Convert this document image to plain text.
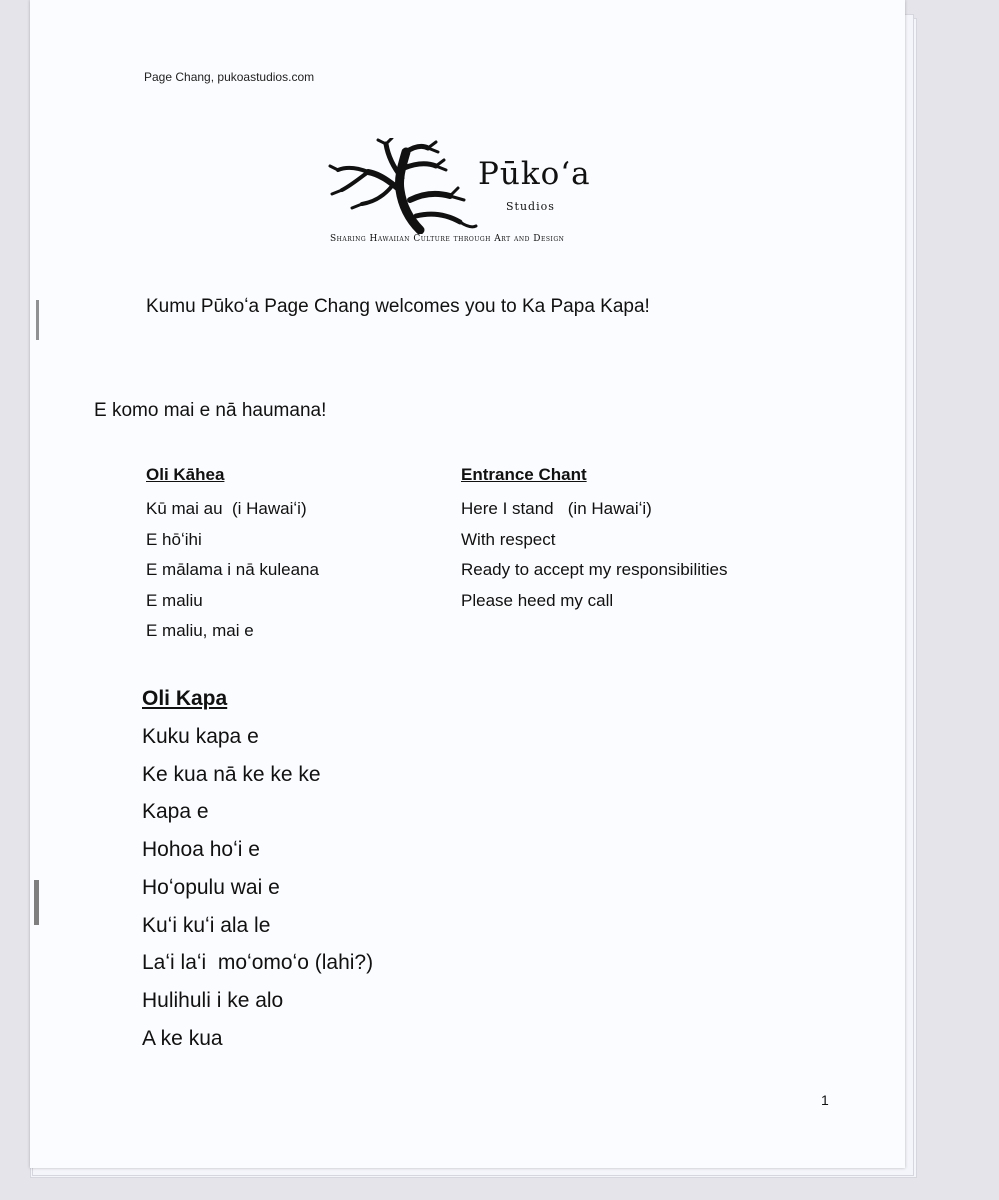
Page Chang, pukoastudios.com

Pūkoʻa

Studios

Sharing Hawaiian Culture through Art and Design

Kumu Pūkoʻa Page Chang welcomes you to Ka Papa Kapa!

E komo mai e nā haumana!

Oli Kāhea

Kū mai au  (i Hawaiʻi)
E hōʻihi
E mālama i nā kuleana
E maliu
E maliu, mai e

Entrance Chant

Here I stand   (in Hawaiʻi)
With respect
Ready to accept my responsibilities
Please heed my call

Oli Kapa

Kuku kapa e
Ke kua nā ke ke ke
Kapa e
Hohoa hoʻi e
Hoʻopulu wai e
Kuʻi kuʻi ala le
Laʻi laʻi  moʻomoʻo (lahi?)
Hulihuli i ke alo
A ke kua

1
